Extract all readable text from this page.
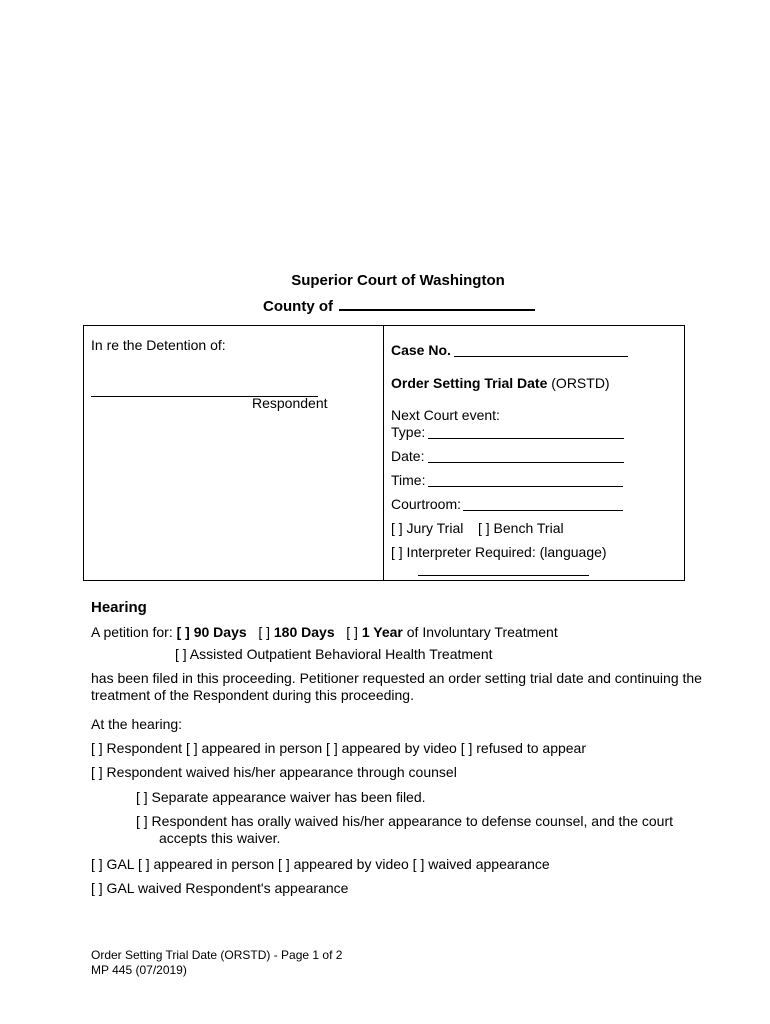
Superior Court of Washington
County of
In re the Detention of:
Respondent
Case No.
Order Setting Trial Date (ORSTD)
Next Court event:
Type:
Date:
Time:
Courtroom:
[ ] Jury Trial [ ] Bench Trial
[ ] Interpreter Required: (language)
Hearing
A petition for: [ ] 90 Days [ ] 180 Days [ ] 1 Year of Involuntary Treatment
[ ] Assisted Outpatient Behavioral Health Treatment
has been filed in this proceeding. Petitioner requested an order setting trial date and continuing the
treatment of the Respondent during this proceeding.
At the hearing:
[ ] Respondent [ ] appeared in person [ ] appeared by video [ ] refused to appear
[ ] Respondent waived his/her appearance through counsel
[ ] Separate appearance waiver has been filed.
[ ] Respondent has orally waived his/her appearance to defense counsel, and the court
accepts this waiver.
[ ] GAL [ ] appeared in person [ ] appeared by video [ ] waived appearance
[ ] GAL waived Respondent's appearance
Order Setting Trial Date (ORSTD) - Page 1 of 2
MP 445 (07/2019)
